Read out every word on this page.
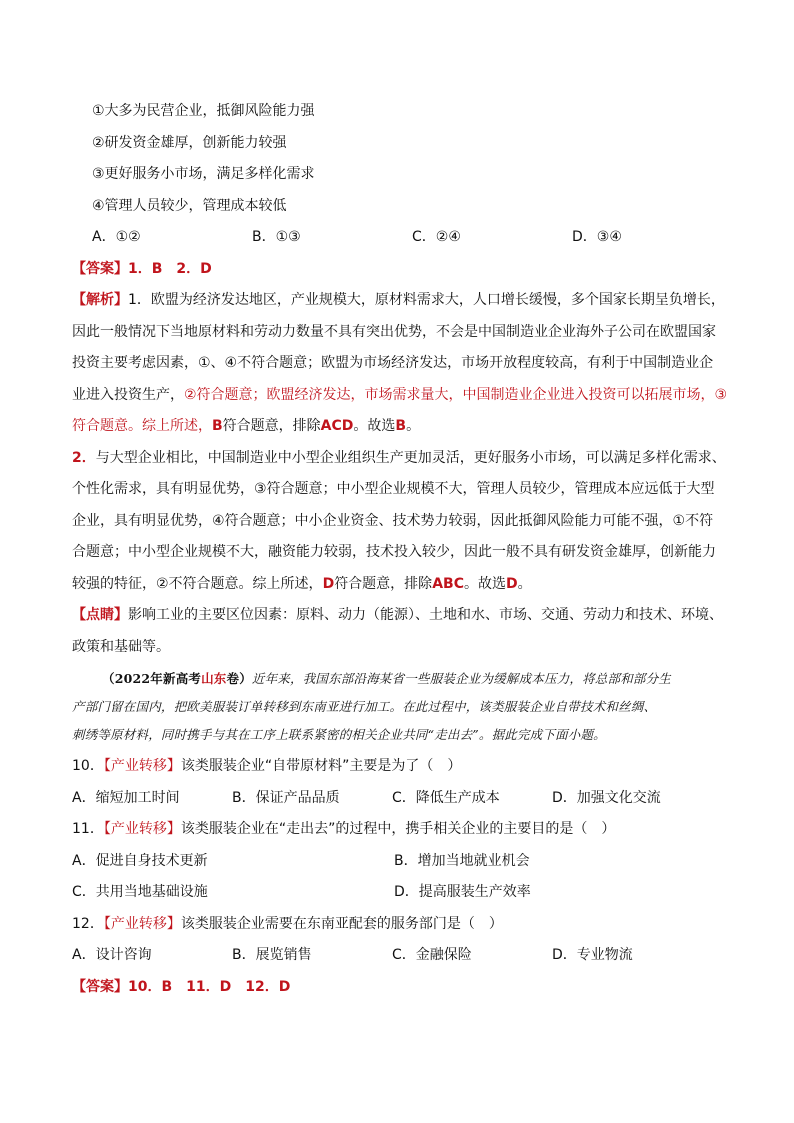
①大多为民营企业，抵御风险能力强
②研发资金雄厚，创新能力较强
③更好服务小市场，满足多样化需求
④管理人员较少，管理成本较低
A．①②	B．①③	C．②④	D．③④
【答案】1．B　2．D
【解析】1．欧盟为经济发达地区，产业规模大，原材料需求大，人口增长缓慢，多个国家长期呈负增长，
因此一般情况下当地原材料和劳动力数量不具有突出优势，不会是中国制造业企业海外子公司在欧盟国家
投资主要考虑因素，①、④不符合题意；欧盟为市场经济发达，市场开放程度较高，有利于中国制造业企
业进入投资生产，②符合题意；欧盟经济发达，市场需求量大，中国制造业企业进入投资可以拓展市场，③
符合题意。综上所述，B符合题意，排除ACD。故选B。
2．与大型企业相比，中国制造业中小型企业组织生产更加灵活，更好服务小市场，可以满足多样化需求、
个性化需求，具有明显优势，③符合题意；中小型企业规模不大，管理人员较少，管理成本应远低于大型
企业，具有明显优势，④符合题意；中小企业资金、技术势力较弱，因此抵御风险能力可能不强，①不符
合题意；中小型企业规模不大，融资能力较弱，技术投入较少，因此一般不具有研发资金雄厚，创新能力
较强的特征，②不符合题意。综上所述，D符合题意，排除ABC。故选D。
【点睛】影响工业的主要区位因素：原料、动力（能源）、土地和水、市场、交通、劳动力和技术、环境、
政策和基础等。
（2022年新高考山东卷）近年来，我国东部沿海某省一些服装企业为缓解成本压力，将总部和部分生
产部门留在国内，把欧美服装订单转移到东南亚进行加工。在此过程中，该类服装企业自带技术和丝绸、
刺绣等原材料，同时携手与其在工序上联系紧密的相关企业共同“走出去”。据此完成下面小题。
10．【产业转移】该类服装企业“自带原材料”主要是为了（　）
A．缩短加工时间	B．保证产品品质	C．降低生产成本	D．加强文化交流
11．【产业转移】该类服装企业在“走出去”的过程中，携手相关企业的主要目的是（　）
A．促进自身技术更新	B．增加当地就业机会
C．共用当地基础设施	D．提高服装生产效率
12．【产业转移】该类服装企业需要在东南亚配套的服务部门是（　）
A．设计咨询	B．展览销售	C．金融保险	D．专业物流
【答案】10．B　11．D　12．D
